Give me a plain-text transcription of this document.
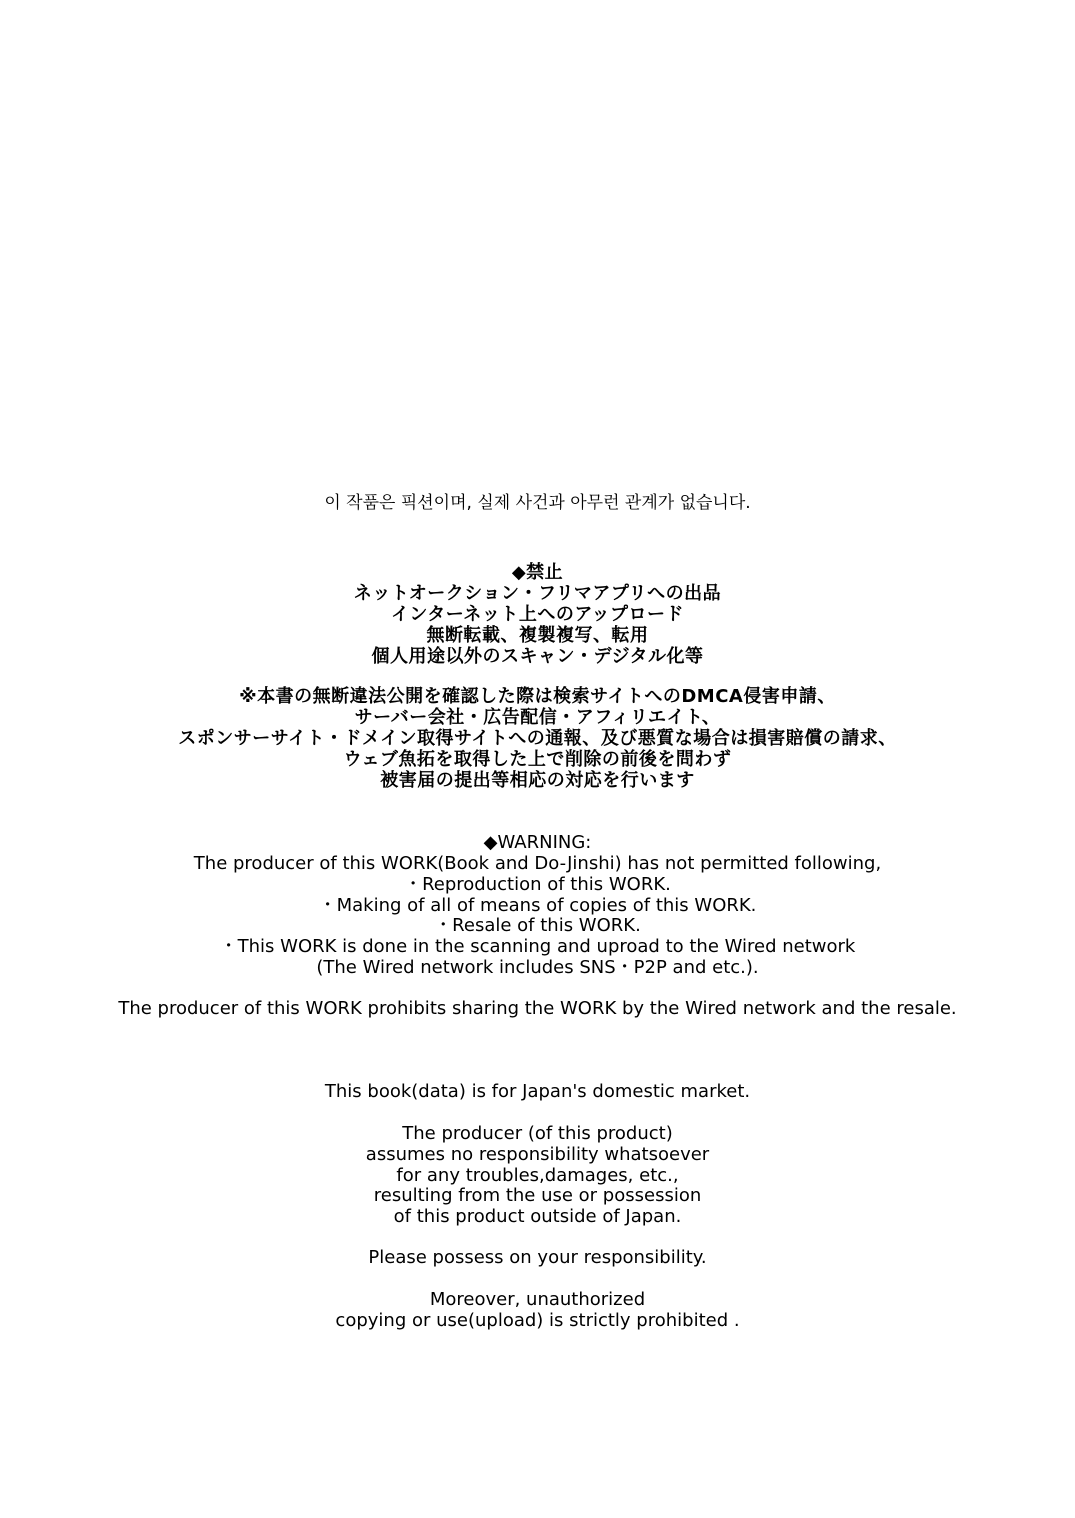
이 작품은 픽션이며, 실제 사건과 아무런 관계가 없습니다.
◆禁止
ネットオークション・フリマアプリへの出品
インターネット上へのアップロード
無断転載、複製複写、転用
個人用途以外のスキャン・デジタル化等
※本書の無断違法公開を確認した際は検索サイトへのDMCA侵害申請、
サーバー会社・広告配信・アフィリエイト、
スポンサーサイト・ドメイン取得サイトへの通報、及び悪質な場合は損害賠償の請求、
ウェブ魚拓を取得した上で削除の前後を問わず
被害届の提出等相応の対応を行います
◆WARNING:
The producer of this WORK(Book and Do-Jinshi) has not permitted following,
・Reproduction of this WORK.
・Making of all of means of copies of this WORK.
・Resale of this WORK.
・This WORK is done in the scanning and uproad to the Wired network
(The Wired network includes SNS・P2P and etc.).
The producer of this WORK prohibits sharing the WORK by the Wired network and the resale.
This book(data) is for Japan's domestic market.
The producer (of this product)
assumes no responsibility whatsoever
for any troubles,damages, etc.,
resulting from the use or possession
of this product outside of Japan.
Please possess on your responsibility.
Moreover, unauthorized
copying or use(upload) is strictly prohibited .
